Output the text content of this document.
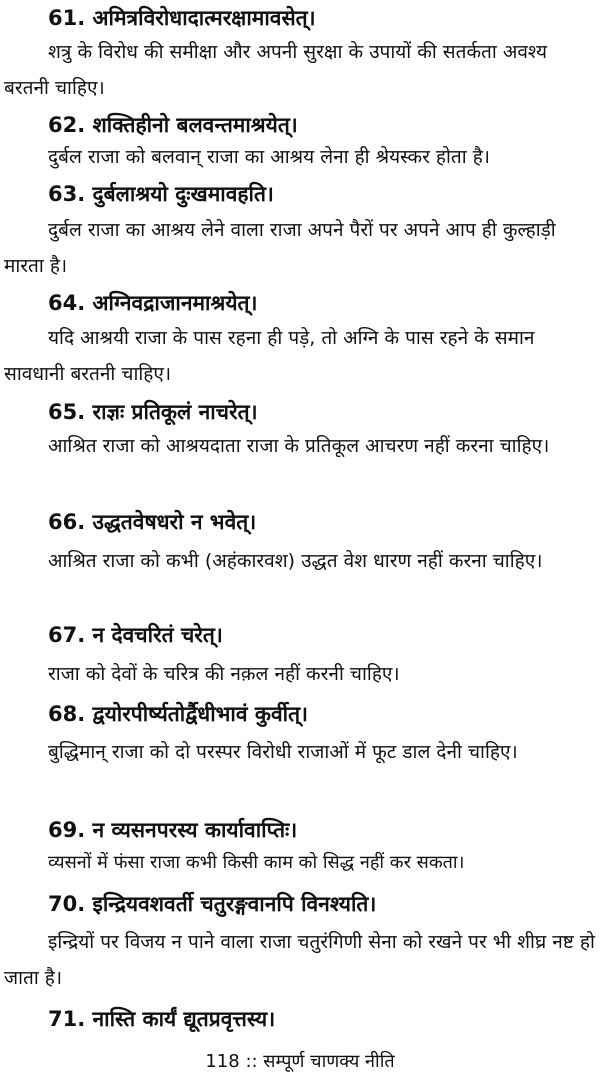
61. अमित्रविरोधादात्मरक्षामावसेत्।
शत्रु के विरोध की समीक्षा और अपनी सुरक्षा के उपायों की सतर्कता अवश्य बरतनी चाहिए।
62. शक्तिहीनो बलवन्तमाश्रयेत्।
दुर्बल राजा को बलवान् राजा का आश्रय लेना ही श्रेयस्कर होता है।
63. दुर्बलाश्रयो दुःखमावहति।
दुर्बल राजा का आश्रय लेने वाला राजा अपने पैरों पर अपने आप ही कुल्हाड़ी मारता है।
64. अग्निवद्राजानमाश्रयेत्।
यदि आश्रयी राजा के पास रहना ही पड़े, तो अग्नि के पास रहने के समान सावधानी बरतनी चाहिए।
65. राज्ञः प्रतिकूलं नाचरेत्।
आश्रित राजा को आश्रयदाता राजा के प्रतिकूल आचरण नहीं करना चाहिए।
66. उद्धतवेषधरो न भवेत्।
आश्रित राजा को कभी (अहंकारवश) उद्धत वेश धारण नहीं करना चाहिए।
67. न देवचरितं चरेत्।
राजा को देवों के चरित्र की नक़ल नहीं करनी चाहिए।
68. द्वयोरपीर्ष्यतोर्द्वैधीभावं कुर्वीत्।
बुद्धिमान् राजा को दो परस्पर विरोधी राजाओं में फूट डाल देनी चाहिए।
69. न व्यसनपरस्य कार्यावाप्तिः।
व्यसनों में फंसा राजा कभी किसी काम को सिद्ध नहीं कर सकता।
70. इन्द्रियवशवर्ती चतुरङ्गवानपि विनश्यति।
इन्द्रियों पर विजय न पाने वाला राजा चतुरंगिणी सेना को रखने पर भी शीघ्र नष्ट हो जाता है।
71. नास्ति कार्यं द्यूतप्रवृत्तस्य।
118 :: सम्पूर्ण चाणक्य नीति
